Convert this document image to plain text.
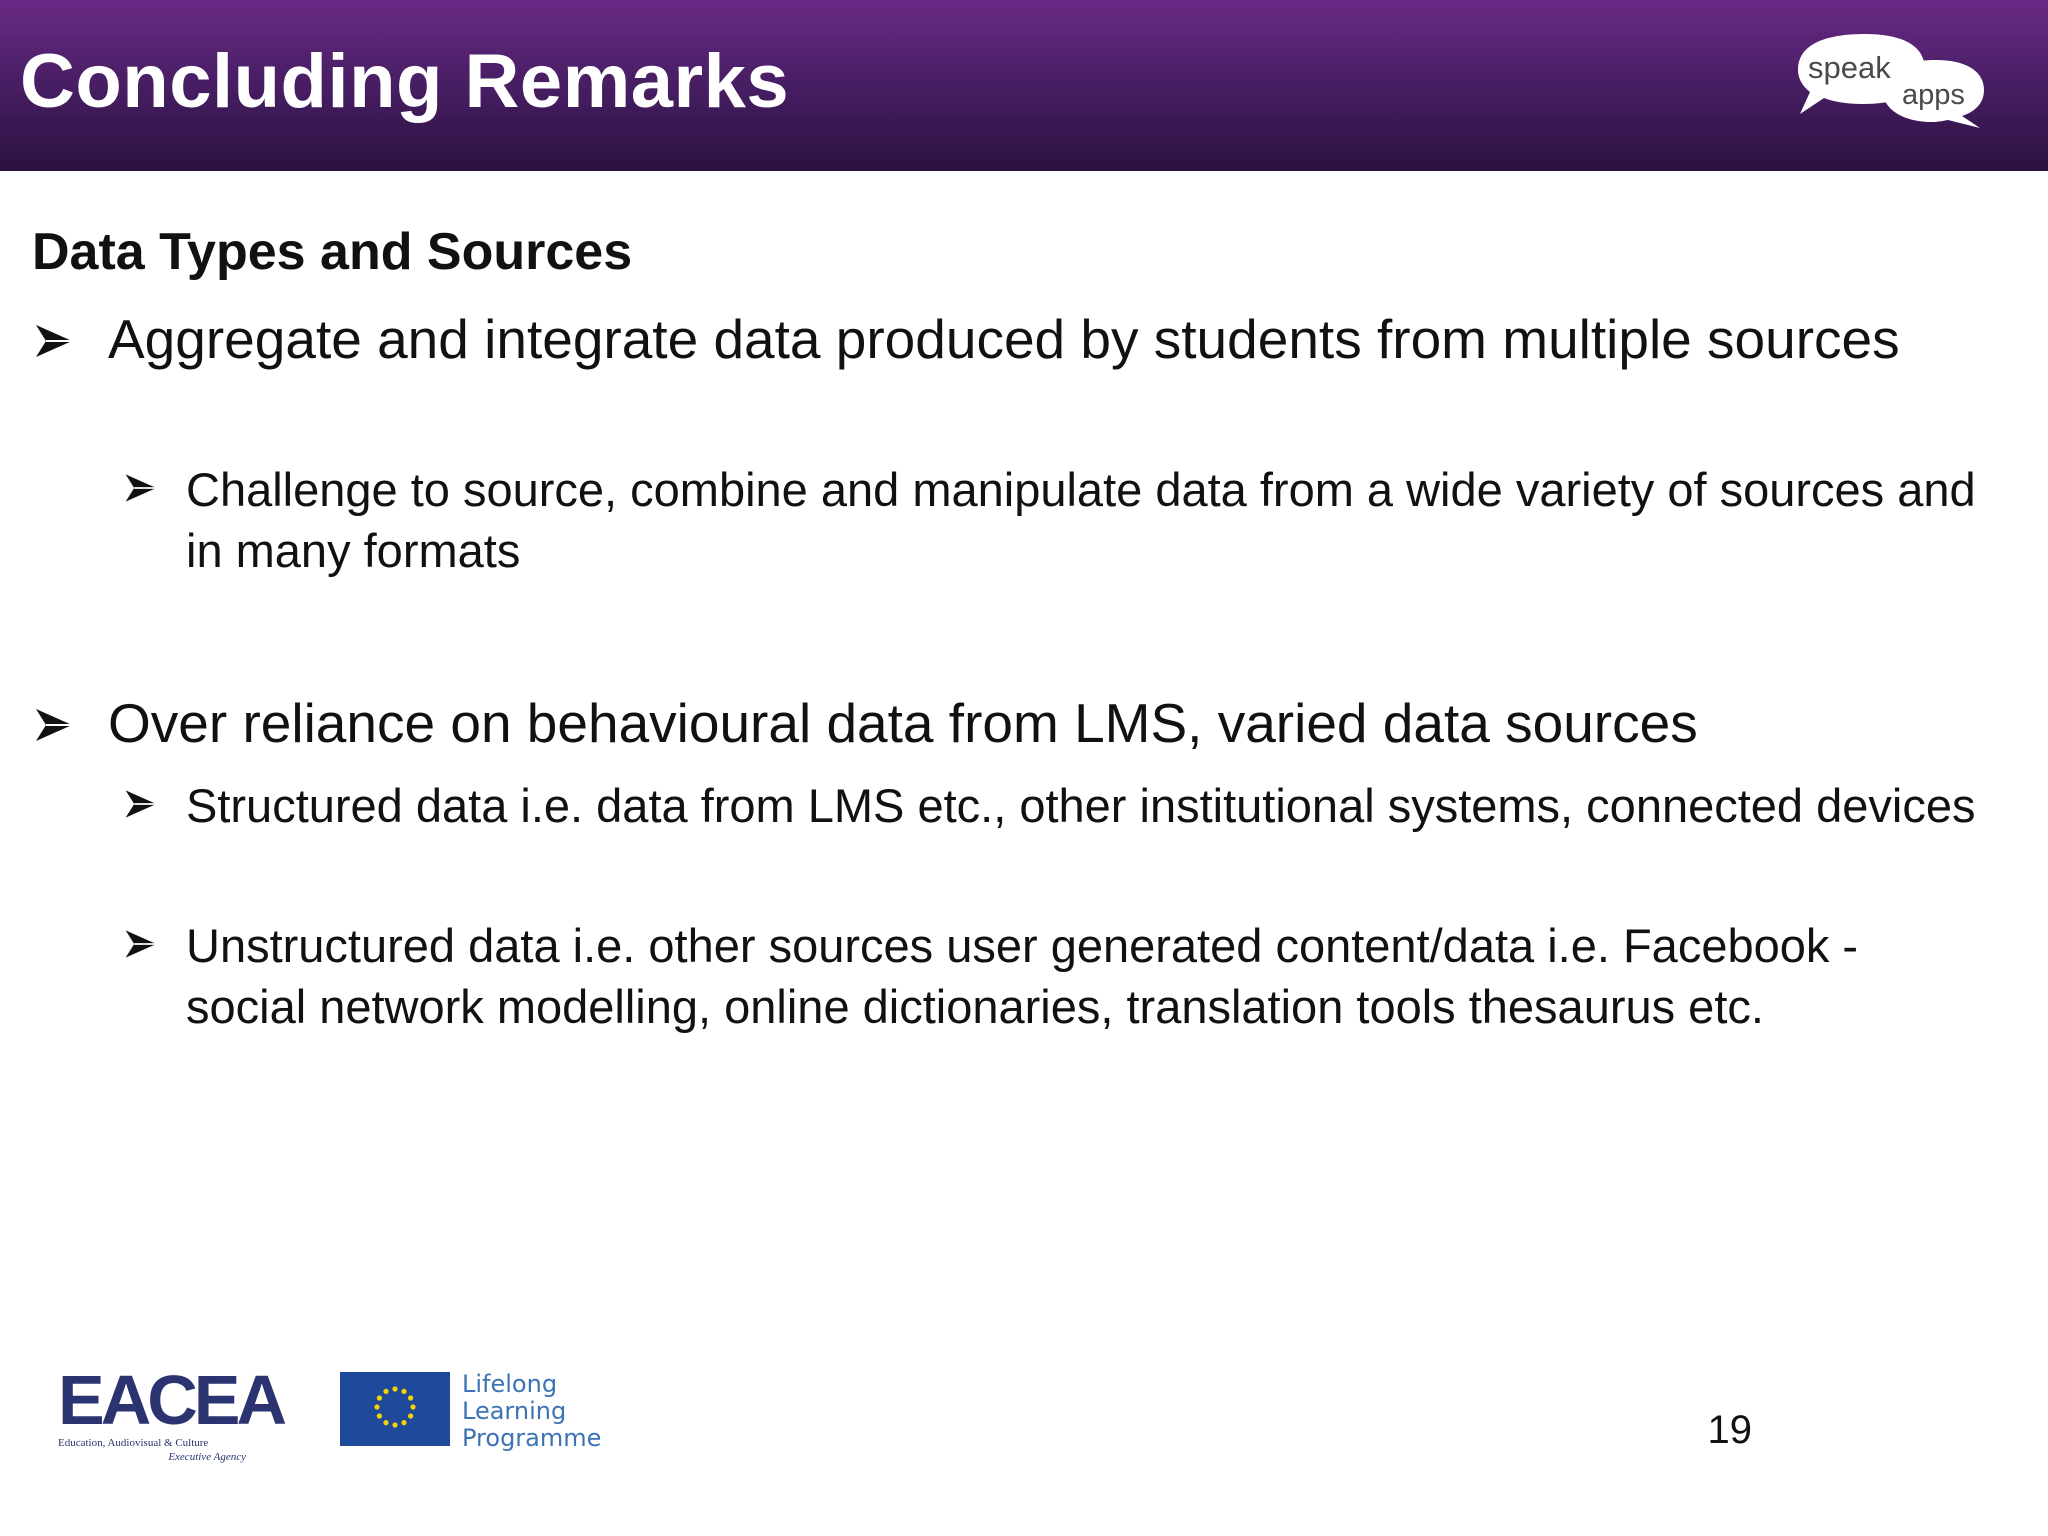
Concluding Remarks	speak
apps
Data Types and Sources
Aggregate and integrate data produced by students from multiple sources
Challenge to source, combine and manipulate data from a wide variety of sources and in many formats
Over reliance on behavioural data from LMS, varied data sources
Structured data i.e. data from LMS etc., other institutional systems, connected devices
Unstructured data i.e. other sources user generated content/data i.e. Facebook - social network modelling, online dictionaries, translation tools thesaurus etc.
EACEA
Education, Audiovisual & Culture
Executive Agency
Lifelong
Learning
Programme	19
